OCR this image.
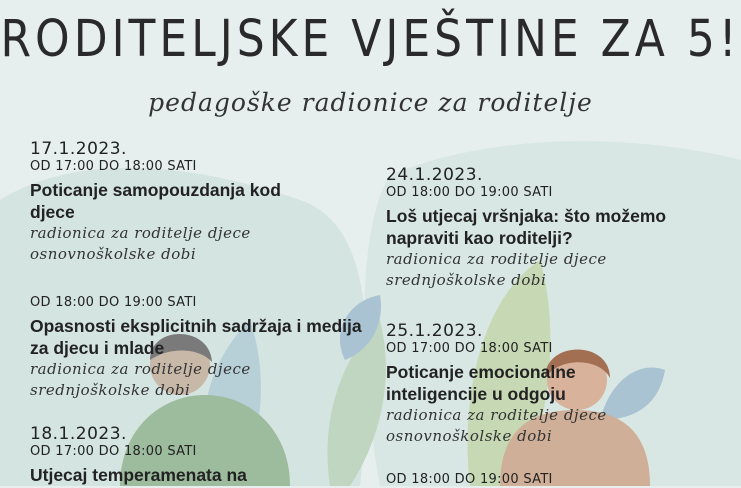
RODITELJSKE VJEŠTINE ZA 5!
pedagoške radionice za roditelje
17.1.2023.
OD 17:00 DO 18:00 SATI
Poticanje samopouzdanja kod djece
radionica za roditelje djece osnovnoškolske dobi
OD 18:00 DO 19:00 SATI
Opasnosti eksplicitnih sadržaja i medija za djecu i mlade
radionica za roditelje djece srednjoškolske dobi
18.1.2023.
OD 17:00 DO 18:00 SATI
Utjecaj temperamenata na
24.1.2023.
OD 18:00 DO 19:00 SATI
Loš utjecaj vršnjaka: što možemo napraviti kao roditelji?
radionica za roditelje djece srednjoškolske dobi
25.1.2023.
OD 17:00 DO 18:00 SATI
Poticanje emocionalne inteligencije u odgoju
radionica za roditelje djece osnovnoškolske dobi
OD 18:00 DO 19:00 SATI
